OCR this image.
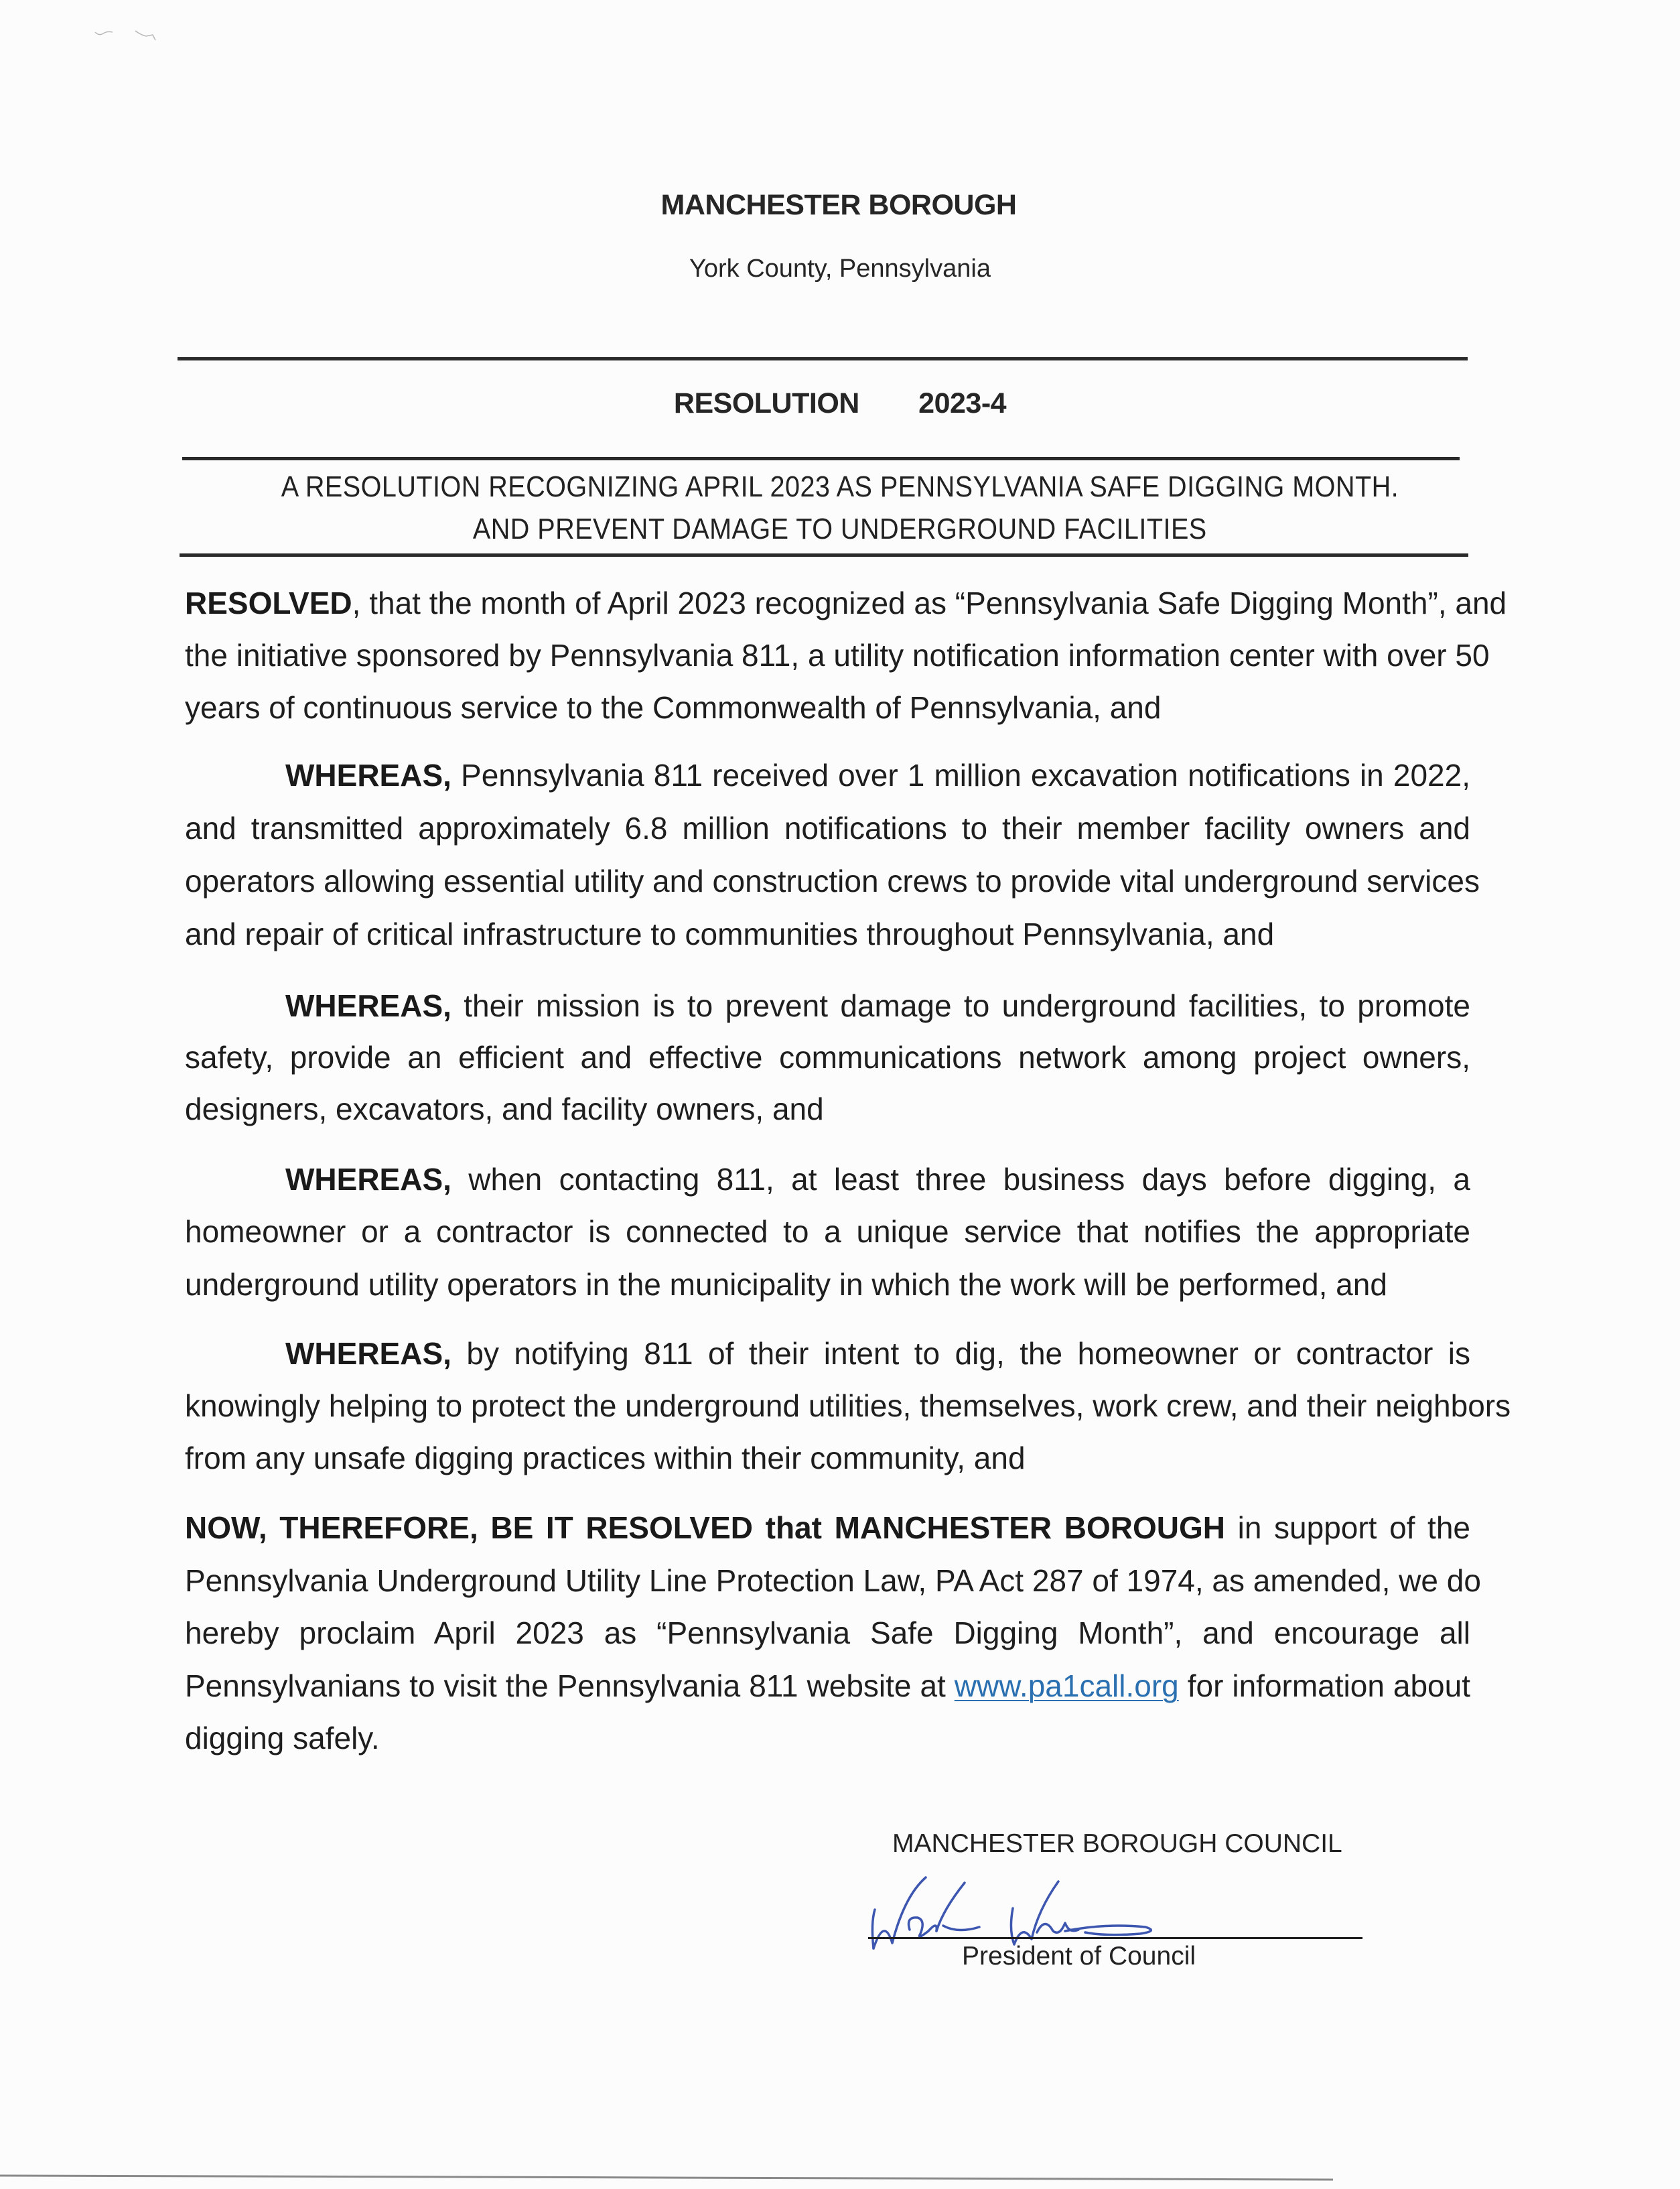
MANCHESTER BOROUGH
York County, Pennsylvania
RESOLUTION   2023-4
A RESOLUTION RECOGNIZING APRIL 2023 AS PENNSYLVANIA SAFE DIGGING MONTH.
AND PREVENT DAMAGE TO UNDERGROUND FACILITIES
RESOLVED, that the month of April 2023 recognized as “Pennsylvania Safe Digging Month”, and
the initiative sponsored by Pennsylvania 811, a utility notification information center with over 50
years of continuous service to the Commonwealth of Pennsylvania, and
WHEREAS, Pennsylvania 811 received over 1 million excavation notifications in 2022,
and transmitted approximately 6.8 million notifications to their member facility owners and
operators allowing essential utility and construction crews to provide vital underground services
and repair of critical infrastructure to communities throughout Pennsylvania, and
WHEREAS, their mission is to prevent damage to underground facilities, to promote
safety, provide an efficient and effective communications network among project owners,
designers, excavators, and facility owners, and
WHEREAS, when contacting 811, at least three business days before digging, a
homeowner or a contractor is connected to a unique service that notifies the appropriate
underground utility operators in the municipality in which the work will be performed, and
WHEREAS, by notifying 811 of their intent to dig, the homeowner or contractor is
knowingly helping to protect the underground utilities, themselves, work crew, and their neighbors
from any unsafe digging practices within their community, and
NOW, THEREFORE, BE IT RESOLVED that MANCHESTER BOROUGH in support of the
Pennsylvania Underground Utility Line Protection Law, PA Act 287 of 1974, as amended, we do
hereby proclaim April 2023 as “Pennsylvania Safe Digging Month”, and encourage all
Pennsylvanians to visit the Pennsylvania 811 website at www.pa1call.org for information about
digging safely.
MANCHESTER BOROUGH COUNCIL
President of Council
